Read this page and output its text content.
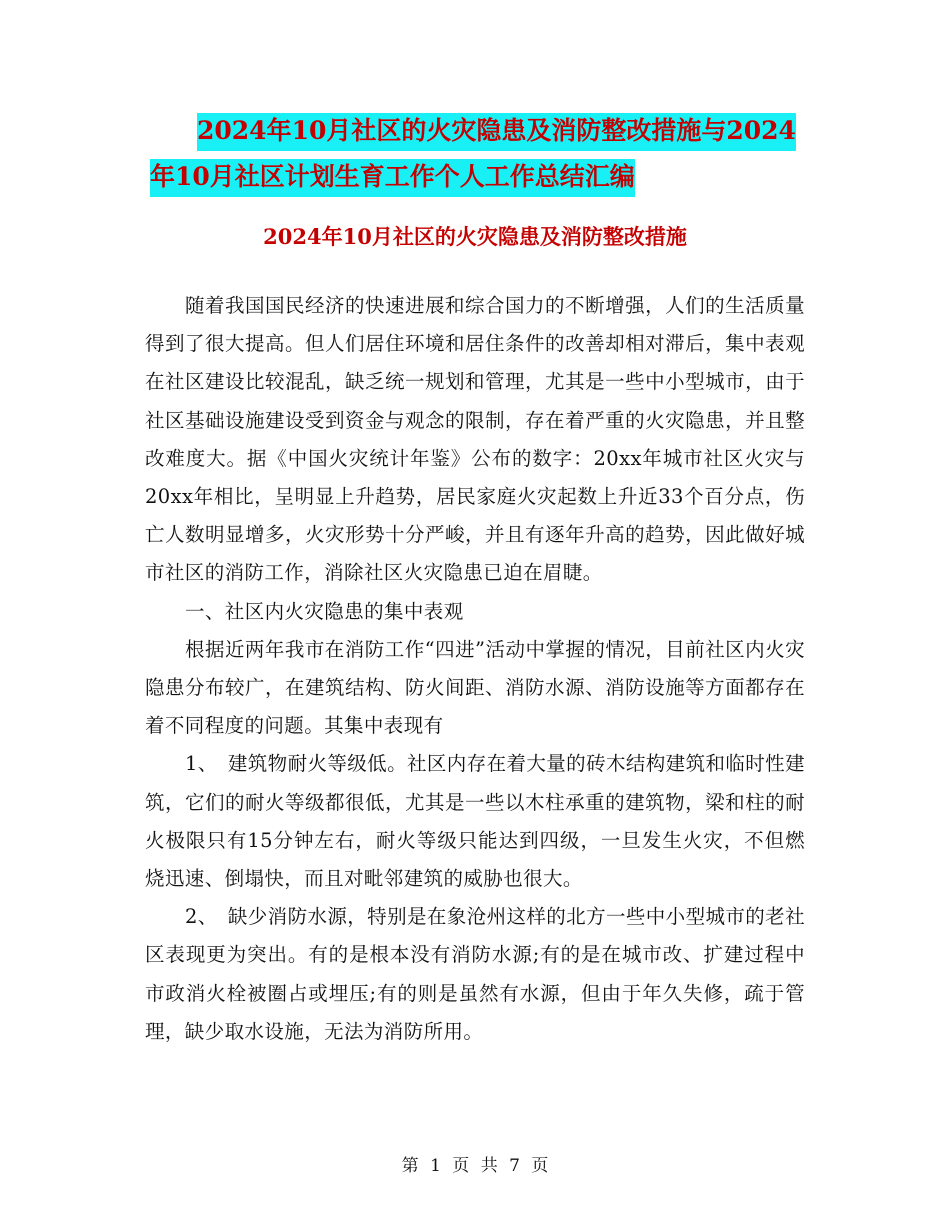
2024年10月社区的火灾隐患及消防整改措施与2024
年10月社区计划生育工作个人工作总结汇编
2024年10月社区的火灾隐患及消防整改措施

随着我国国民经济的快速进展和综合国力的不断增强，人们的生活质量得到了很大提高。但人们居住环境和居住条件的改善却相对滞后，集中表观在社区建设比较混乱，缺乏统一规划和管理，尤其是一些中小型城市，由于社区基础设施建设受到资金与观念的限制，存在着严重的火灾隐患，并且整改难度大。据《中国火灾统计年鉴》公布的数字：20xx年城市社区火灾与20xx年相比，呈明显上升趋势，居民家庭火灾起数上升近33个百分点，伤亡人数明显增多，火灾形势十分严峻，并且有逐年升高的趋势，因此做好城市社区的消防工作，消除社区火灾隐患已迫在眉睫。

一、社区内火灾隐患的集中表观

根据近两年我市在消防工作“四进”活动中掌握的情况，目前社区内火灾隐患分布较广，在建筑结构、防火间距、消防水源、消防设施等方面都存在着不同程度的问题。其集中表现有

1、　建筑物耐火等级低。社区内存在着大量的砖木结构建筑和临时性建筑，它们的耐火等级都很低，尤其是一些以木柱承重的建筑物，梁和柱的耐火极限只有15分钟左右，耐火等级只能达到四级，一旦发生火灾，不但燃烧迅速、倒塌快，而且对毗邻建筑的威胁也很大。

2、　缺少消防水源，特别是在象沧州这样的北方一些中小型城市的老社区表现更为突出。有的是根本没有消防水源;有的是在城市改、扩建过程中市政消火栓被圈占或埋压;有的则是虽然有水源，但由于年久失修，疏于管理，缺少取水设施，无法为消防所用。

第 1 页 共 7 页
